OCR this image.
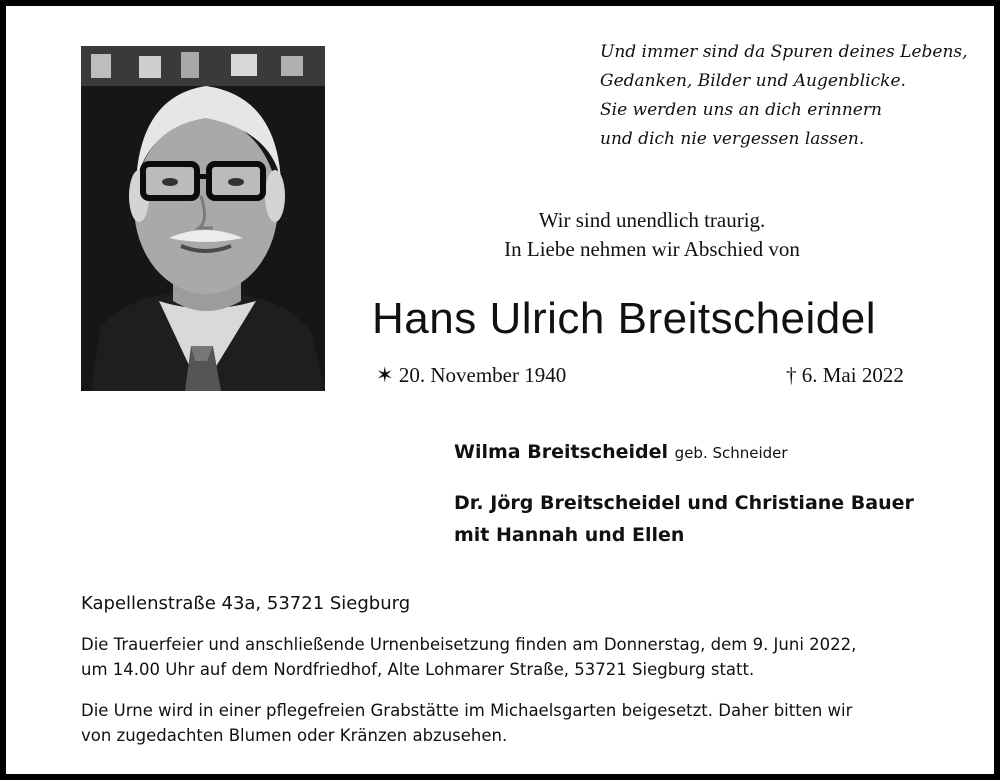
Und immer sind da Spuren deines Lebens,
Gedanken, Bilder und Augenblicke.
Sie werden uns an dich erinnern
und dich nie vergessen lassen.
Wir sind unendlich traurig.
In Liebe nehmen wir Abschied von
Hans Ulrich Breitscheidel
✶ 20. November 1940	† 6. Mai 2022
Wilma Breitscheidel geb. Schneider
Dr. Jörg Breitscheidel und Christiane Bauer
mit Hannah und Ellen
Kapellenstraße 43a, 53721 Siegburg
Die Trauerfeier und anschließende Urnenbeisetzung finden am Donnerstag, dem 9. Juni 2022,
um 14.00 Uhr auf dem Nordfriedhof, Alte Lohmarer Straße, 53721 Siegburg statt.
Die Urne wird in einer pflegefreien Grabstätte im Michaelsgarten beigesetzt. Daher bitten wir
von zugedachten Blumen oder Kränzen abzusehen.
